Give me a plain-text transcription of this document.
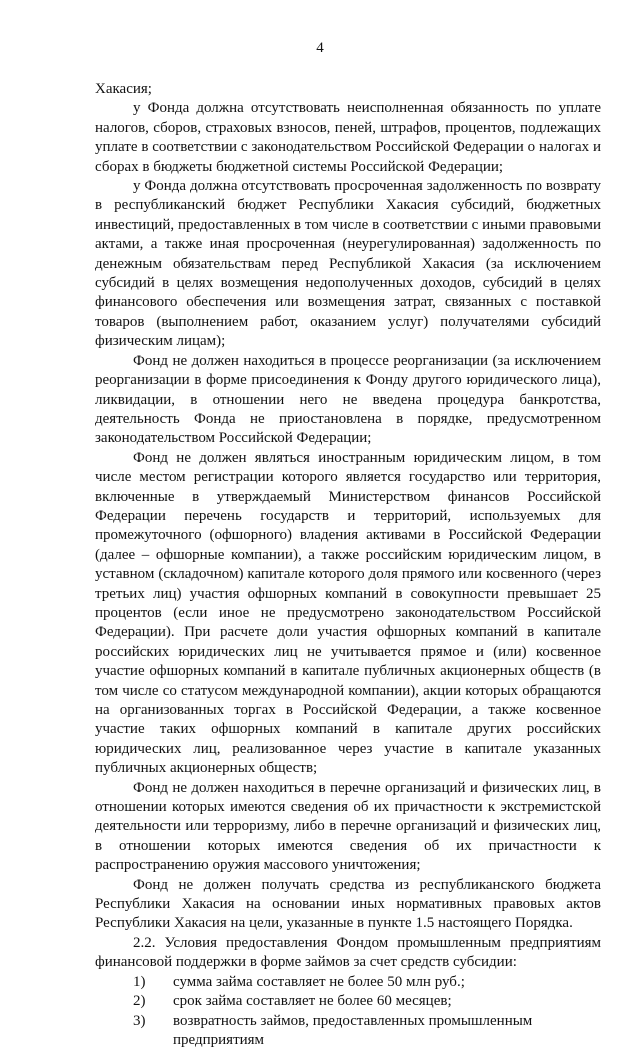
4

Хакасия;

у Фонда должна отсутствовать неисполненная обязанность по уплате налогов, сборов, страховых взносов, пеней, штрафов, процентов, подлежащих уплате в соответствии с законодательством Российской Федерации о налогах и сборах в бюджеты бюджетной системы Российской Федерации;

у Фонда должна отсутствовать просроченная задолженность по возврату в республиканский бюджет Республики Хакасия субсидий, бюджетных инвестиций, предоставленных в том числе в соответствии с иными правовыми актами, а также иная просроченная (неурегулированная) задолженность по денежным обязательствам перед Республикой Хакасия (за исключением субсидий в целях возмещения недополученных доходов, субсидий в целях финансового обеспечения или возмещения затрат, связанных с поставкой товаров (выполнением работ, оказанием услуг) получателями субсидий физическим лицам);

Фонд не должен находиться в процессе реорганизации (за исключением реорганизации в форме присоединения к Фонду другого юридического лица), ликвидации, в отношении него не введена процедура банкротства, деятельность Фонда не приостановлена в порядке, предусмотренном законодательством Российской Федерации;

Фонд не должен являться иностранным юридическим лицом, в том числе местом регистрации которого является государство или территория, включенные в утверждаемый Министерством финансов Российской Федерации перечень государств и территорий, используемых для промежуточного (офшорного) владения активами в Российской Федерации (далее – офшорные компании), а также российским юридическим лицом, в уставном (складочном) капитале которого доля прямого или косвенного (через третьих лиц) участия офшорных компаний в совокупности превышает 25 процентов (если иное не предусмотрено законодательством Российской Федерации). При расчете доли участия офшорных компаний в капитале российских юридических лиц не учитывается прямое и (или) косвенное участие офшорных компаний в капитале публичных акционерных обществ (в том числе со статусом международной компании), акции которых обращаются на организованных торгах в Российской Федерации, а также косвенное участие таких офшорных компаний в капитале других российских юридических лиц, реализованное через участие в капитале указанных публичных акционерных обществ;

Фонд не должен находиться в перечне организаций и физических лиц, в отношении которых имеются сведения об их причастности к экстремистской деятельности или терроризму, либо в перечне организаций и физических лиц, в отношении которых имеются сведения об их причастности к распространению оружия массового уничтожения;

Фонд не должен получать средства из республиканского бюджета Республики Хакасия на основании иных нормативных правовых актов Республики Хакасия на цели, указанные в пункте 1.5 настоящего Порядка.

2.2. Условия предоставления Фондом промышленным предприятиям финансовой поддержки в форме займов за счет средств субсидии:

1)	сумма займа составляет не более 50 млн руб.;
2)	срок займа составляет не более 60 месяцев;
3)	возвратность займов, предоставленных промышленным предприятиям
